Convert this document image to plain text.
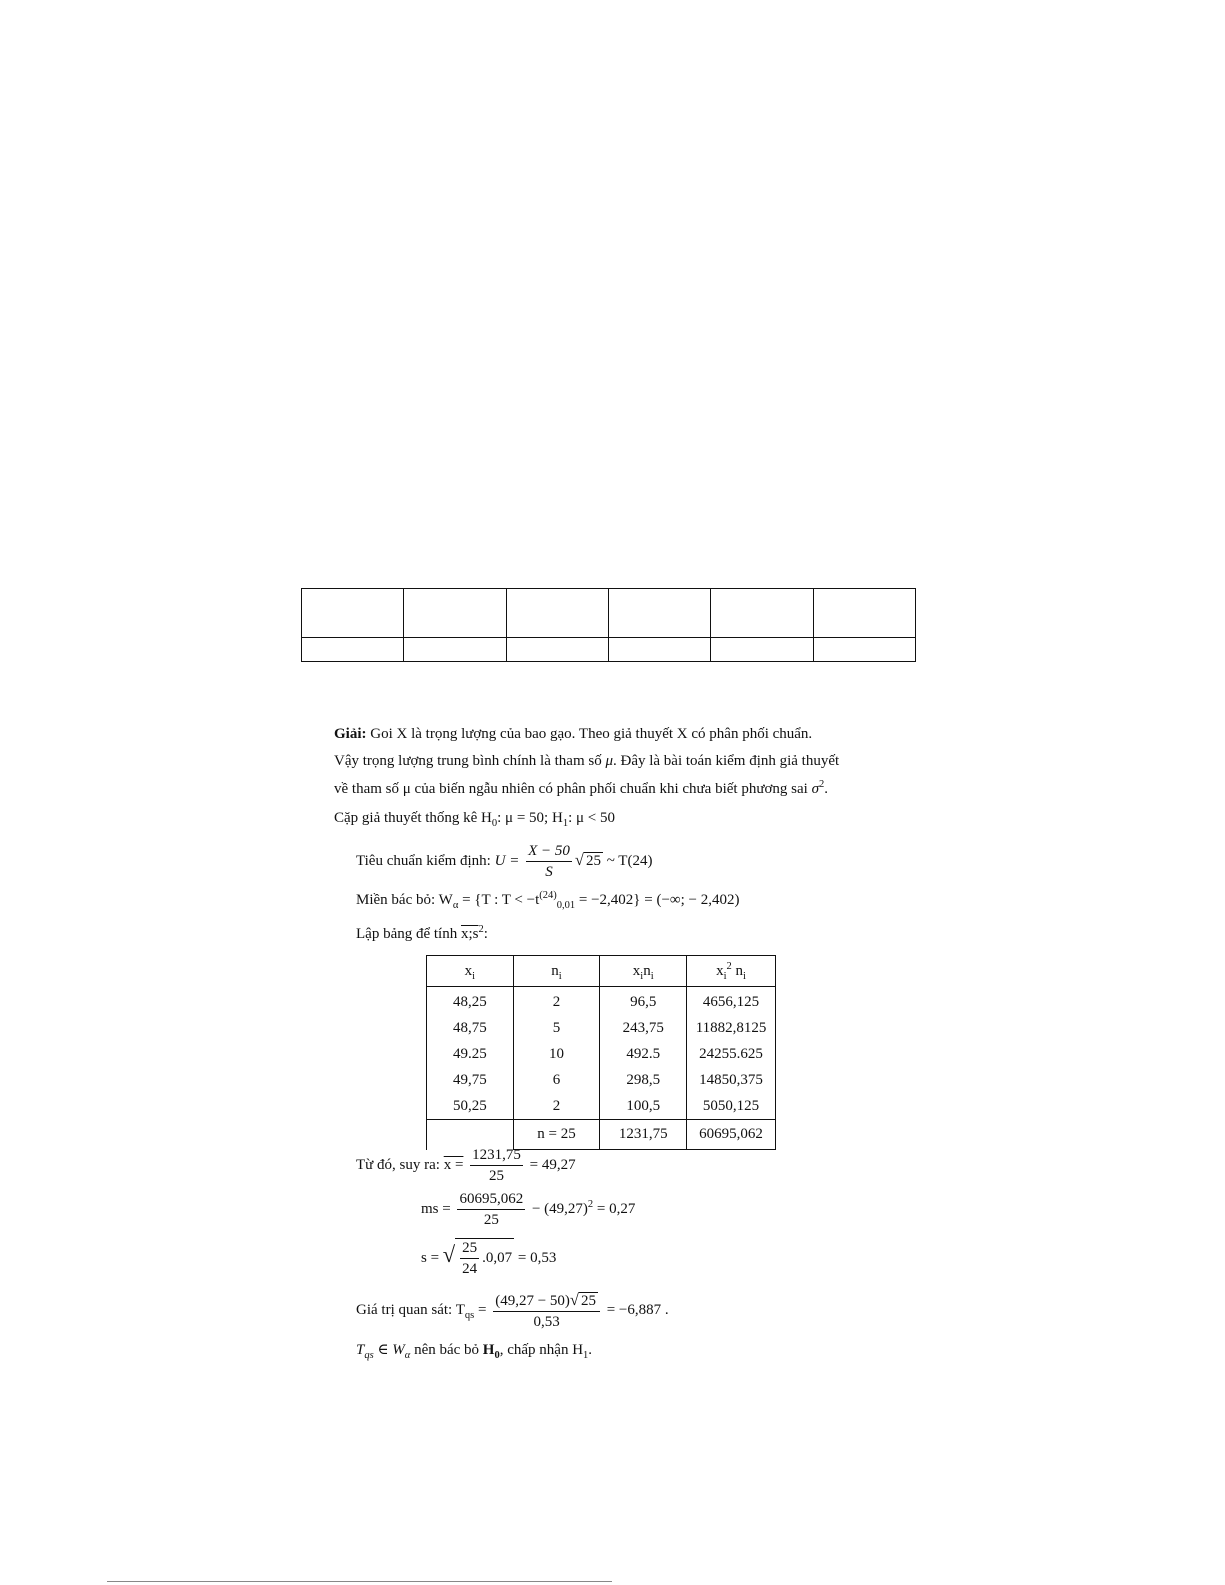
Giải: Goi X là trọng lượng của bao gạo. Theo giả thuyết X có phân phối chuẩn.
Vậy trọng lượng trung bình chính là tham số μ. Đây là bài toán kiểm định giả thuyết
về tham số μ của biến ngẫu nhiên có phân phối chuẩn khi chưa biết phương sai $\sigma^2$.
Cặp giả thuyết thống kê $H_0$: μ = 50; $H_1$: μ < 50
Tiêu chuẩn kiểm định: $U = \frac{X - 50}{S}$ √ 25 ~ T(24)
Miền bác bỏ: $W_\alpha = \{T$ : $T < -t^{(24)}_{0,01} = -2,402$} = (−∞; − 2,402)
Lập bảng để tính $x;s^2$:
$x_i$	$n_i$	$x_in_i$	$x_i^2$ $n_i$
48,25	2	96,5	4656,125
48,75	5	243,75	11882,8125
49.25	10	492.5	24255.625
49,75	6	298,5	14850,375
50,25	2	100,5	5050,125
	n = 25	1231,75	60695,062
Từ đó, suy ra: $x = \frac{1231,75}{25} = 49,27$
ms = $\frac{60695,062}{25} - (49,27)^2 = 0,27$
s = √ $\frac{25}{24} .0,07 = 0,53$
Giá trị quan sát: $T_{qs} = \frac{(49,27 - 50)√ 25}{0,53} = -6,887$ .
$T_{qs}$ ∈ $W_\alpha$ nên bác bỏ $H_0$, chấp nhận $H_1$.
